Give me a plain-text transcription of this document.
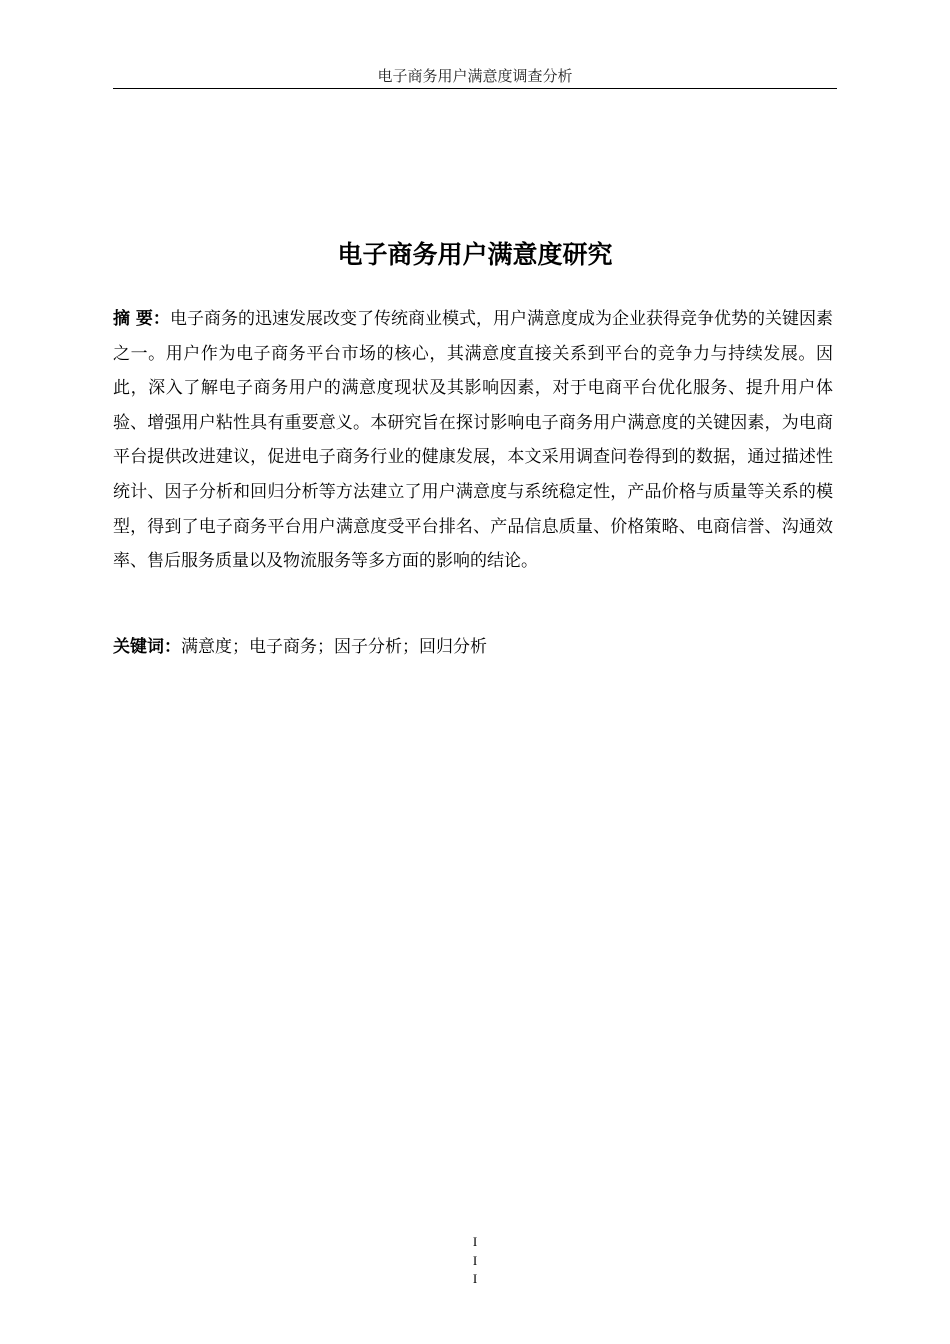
电子商务用户满意度调查分析
电子商务用户满意度研究

摘 要：电子商务的迅速发展改变了传统商业模式，用户满意度成为企业获得竞争优势的关键因素之一。用户作为电子商务平台市场的核心，其满意度直接关系到平台的竞争力与持续发展。因此，深入了解电子商务用户的满意度现状及其影响因素，对于电商平台优化服务、提升用户体验、增强用户粘性具有重要意义。本研究旨在探讨影响电子商务用户满意度的关键因素，为电商平台提供改进建议，促进电子商务行业的健康发展，本文采用调查问卷得到的数据，通过描述性统计、因子分析和回归分析等方法建立了用户满意度与系统稳定性，产品价格与质量等关系的模型，得到了电子商务平台用户满意度受平台排名、产品信息质量、价格策略、电商信誉、沟通效率、售后服务质量以及物流服务等多方面的影响的结论。

关键词：满意度；电子商务；因子分析；回归分析

I
I
I
